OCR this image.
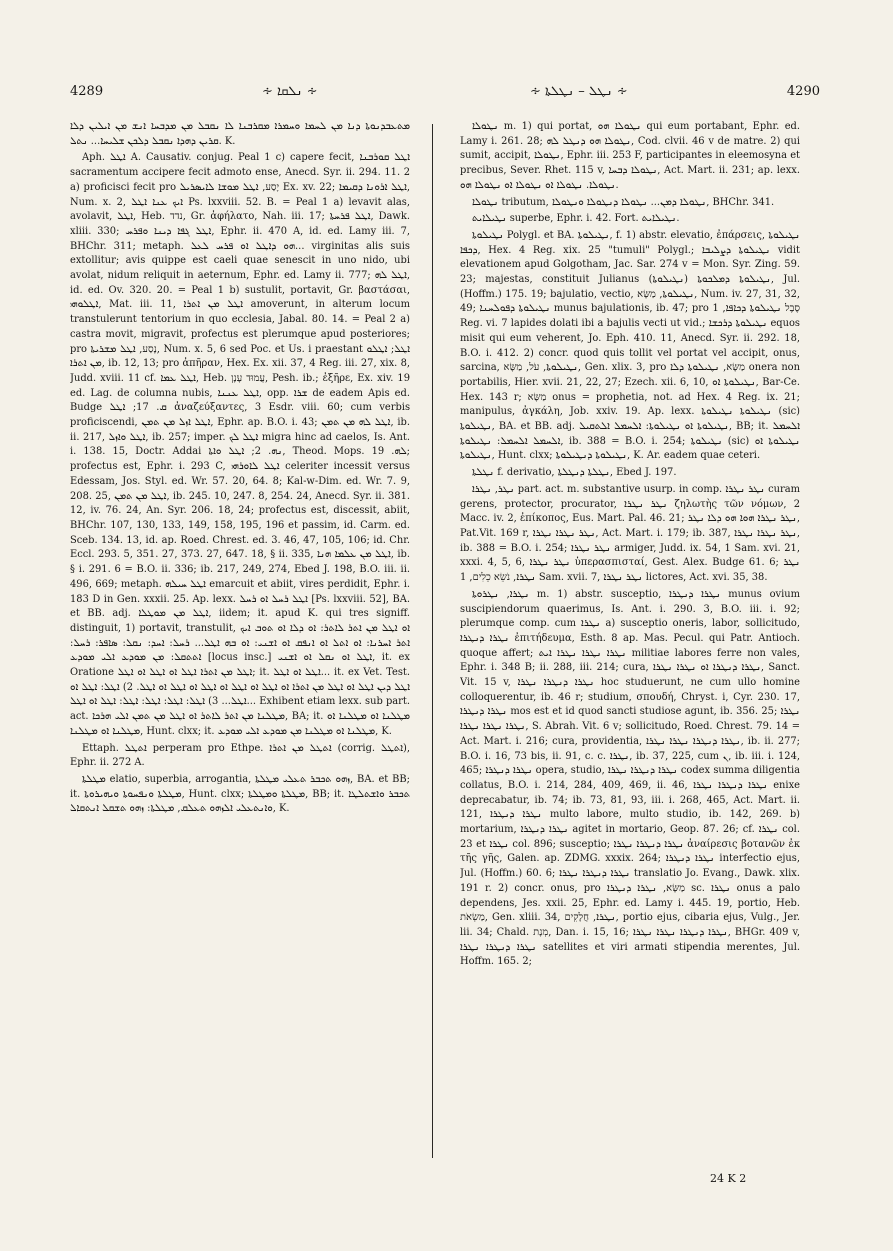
4289	∻ ܢܠܩܐ ∻	∻ ܢܛܠ – ܢܛܠܬܐ ∻	4290

ܡܬܥܒܕܢܘܬܐ ܕܢܐ ܡܢ ܠܚܡܐ ܘܚܡܪܐ ܡܩܪܒܢܐ ܠܐ ܢܩܒܠ ܡܢ ܡܕܒܚܐ ܐܢܫ ܡܢ ܐܝܠܝܢ ܕܠܐ ܩܪܝܢ ܕܗܕܐ ܢܩܒܠ ܕܠܟܢ ܫܠܝܚܐ... ܢܬܠ. K.

Aph. ܐܛܠ A. Causativ. conjug. Peal 1 c) capere fecit, ܐܛܠ ܩܘܪܒܢܐ sacramentum accipere fecit admoto ense, Anecd. Syr. ii. 294. 11. 2 a) proficisci fecit pro יָסַע, ܐܛܠ ܡܘܫܐ ܠܐܝܣܪܝܠ Ex. xv. 22; ܐܛܠ ܐܪܘܢܐ ܕܩܝܡܐ, Num. x. 2, ܐܝܟ ܥܢܐ ܐܛܠ Ps. lxxviii. 52. B. = Peal 1 a) levavit alas, avolavit, ܐܛܠ, Heb. נדד, Gr. ἀφήλατο, Nah. iii. 17; ܐܛܠ ܦܪܚܬܐ, Dawk. xliii. 330; ܐܛܠ ܓܦܐ ܕܝܢܐ ܘܦܪܚ, Ephr. ii. 470 A, id. ed. Lamy iii. 7, BHChr. 311; metaph. ܗܘ ܕܐܛܠ ܐܘ ܦܪܚ ܠܥܠ... virginitas alis suis extollitur; avis quippe est caeli quae senescit in uno nido, ubi avolat, nidum reliquit in aeternum, Ephr. ed. Lamy ii. 777; ܐܛܠ ܠܗ, id. ed. Ov. 320. 20. = Peal 1 b) sustulit, portavit, Gr. βαστάσαι, ܐܛܠܘܗܝ, Mat. iii. 11, ܐܛܠ ܡܢ ܐܬܪܐ amoverunt, in alterum locum transtulerunt tentorium in quo ecclesia, Jabal. 80. 14. = Peal 2 a) castra movit, migravit, profectus est plerumque apud posteriores; pro נָסַע, ܐܛܠ ܡܫܪܝܬܐ, Num. x. 5, 6 sed Poc. et Us. i praestant ܐܛܠ; ܐܛܠܘ ܡܢ ܐܬܪܐ, ib. 12, 13; pro ἀπῆραν, Hex. Ex. xii. 37, 4 Reg. iii. 27, xix. 8, Judd. xviii. 11 cf. ܐܛܠ ܥܡܐ, Heb. עֲמוּד עָנָן, Pesh. ib.; ἐξῆρε, Ex. xiv. 19 ed. Lag. de columna nubis, ܐܛܠ ܥܢܢܐ, opp. ܫܪܐ de eadem Apis ed. Budge ܩ. 17; ܐܛܠ ἀναζεύξαντες, 3 Esdr. viii. 60; cum verbis proficiscendi, ܐܛܠ ܐܙܠ ܡܢ ܬܡܢ, Ephr. ap. B.O. i. 43; ܐܛܠ ܠܗ ܡܢ ܬܡܢ, ib. ii. 217, ܐܛܠ ܘܐܙܠ, ib. 257; imper. ܐܛܠ ܠܟ migra hinc ad caelos, Is. Ant. i. 138. 15, Doctr. Addai ܢܗ. 2; ܐܛܠ ܘܐܬܐ, Theod. Mops. ܠܗ. 19; profectus est, Ephr. i. 293 C, ܐܛܠ ܠܐܘܪܗܝ celeriter incessit versus Edessam, Jos. Styl. ed. Wr. 57. 20, 64. 8; Kal-w-Dim. ed. Wr. 7. 9, 208. 25, ܐܛܠ ܡܢ ܬܡܢ, ib. 245. 10, 247. 8, 254. 24, Anecd. Syr. ii. 381. 12, iv. 76. 24, An. Syr. 206. 18, 24; profectus est, discessit, abiit, BHChr. 107, 130, 133, 149, 158, 195, 196 et passim, id. Carm. ed. Sceb. 134. 13, id. ap. Roed. Chrest. ed. 3. 46, 47, 105, 106; id. Chr. Eccl. 293. 5, 351. 27, 373. 27, 647. 18, § ii. 335, ܐܛܠ ܡܢ ܥܠܡܐ ܗܢܐ, ib. § i. 291. 6 = B.O. ii. 336; ib. 217, 249, 274, Ebed J. 198, B.O. iii. ii. 496, 669; metaph. ܐܛܠ ܚܝܠܗ emarcuit et abiit, vires perdidit, Ephr. i. 183 D in Gen. xxxii. 25. Ap. lexx. ܐܛܠ ܪܚܠ ܐܘ ܪܚܠ [Ps. lxxviii. 52], BA. et BB. adj. ܐܛܠ ܡܢ ܡܘܛܠܐ, iidem; it. apud K. qui tres signiff. distinguit, 1) portavit, transtulit, ܐܘ ܐܛܠ ܡܢ ܐܬܪ ܠܐܬܪ: ܐܘ ܕܠܐ ܐܘ ܬܘܒ ܐܝܟ ܐܬܪ ܐܚܪܢܐ: ܐܘ ܐܬܠ ܐܘ ܐܢܦܩ ܐܘ ܐܫܢܝ: ܐܘ ܒܗ ܐܛܠ... ܪܚܠ: ܐܚܕ: ܢܩܠ: ܣܐܦܪ: ܪܚܠ: ܐܬܬܩܠ: ܡܢ ܡܘܕܥ ܐܠܝ ܡܘܕܥ [locus insc.] ܐܛܠ ܐܘ ܢܩܠ ܐܘ ܐܫܢܝ, it. ex Oratione ܐܛܠ ܡܢ ܐܬܪܐ ܐܛܠ ܐܘ ܐܛܠ ܐܘ ܐܛܠ; it. ܐܛܠ ܐܘ ܐܛܠ... it. ex Vet. Test. ܐܛܠ ܕܝܢ ܐܛܠ ܐܘ ܐܛܠ ܡܢ ܐܬܪܐ ܐܘ ܐܛܠ ܐܘ ܐܛܠ ܐܘ ܐܛܠ ܐܘ ܐܛܠ ܐܘ ܐܛܠ. 2) ܐܛܠ: ܐܛܠ ܐܘ ܐܛܠ... 3) ܐܛܠ: ܐܛܠ: ܐܛܠ: ܐܛܠ: ܐܛܠ ܐܘ ܐܛܠ... Exhibent etiam lexx. sub part. act. ܡܛܠܢܐ ܡܢ ܐܬܪ ܠܐܬܪ ܐܘ ܐܛܠ ܡܢ ܬܡܢ ܐܠܝ ܗܪܟܐ, BA; it. ܡܛܠܢܐ ܐܘ ܡܛܠܢܐ ܐܘ ܡܛܠܢܐ ܐܘ ܡܛܠܢܐ, Hunt. clxx; it. ܡܛܠܢܐ ܐܘ ܡܛܠܢܐ ܡܢ ܡܘܕܥ ܐܠܝ ܡܘܕܥ, K.

Ettaph. ܐܬܛܠ perperam pro Ethpe. ܐܬܛܠ ܡܢ ܐܬܪܐ (corrig. ܐܬܛܠ), Ephr. ii. 272 A.

ܡܛܠܬܐ elatio, superbia, arrogantia, ܙܗܘ ܬܟܒܪ ܬܥܠܝ ܡܛܠܬܐ, BA. et BB; it. ܡܛܠܬܐ ܘܢܦܚܘܬܐ ܘܝܗܝܪܘܬܐ, Hunt. clxx; ܡܛܠܬܐ ܘܡܛܠܬܐ, BB; it. ܬܟܒܪ ܘܐܫܬܠܛܐ ܘܐܢܬܥܠܝ ܐܠܙܗܘ ܬܥܠܩ, ܡܛܠܬܐ: ܙܗܘ ܬܫܩܠ ܐܢܬܩܐܠ, K.

ܢܛܘܠܐ m. 1) qui portat, ܢܛܘܠܐ ܗܘ qui eum portabant, Ephr. ed. Lamy i. 261. 28; ܢܛܘܠܐ ܗܘ ܕܢܛܠ ܠܗ, Cod. clvii. 46 v de matre. 2) qui sumit, accipit, ܢܛܘܠܐ, Ephr. iii. 253 F, participantes in eleemosyna et precibus, Sever. Rhet. 115 v, ܢܛܘܠܐ ܕܒܚܐ, Act. Mart. ii. 231; ap. lexx. ܢܛܘܠܐ. ܢܛܘܠܐ ܐܘ ܢܛܘܠܐ ܐܘ ܢܛܘܠܐ ܗܘ.

ܢܛܘܠܐ tributum, ܢܛܘܠܐ ܕܡܢ... ܢܛܘܠܐ ܕܢܛܘܠܐ ܘܢܛܘܠܐ, BHChr. 341.

ܢܛܝܠܐܝܬ superbe, Ephr. i. 42. Fort. ܢܛܝܠܐܝܬ.

ܢܛܝܠܘܬܐ Polygl. et BA. ܢܛܝܠܘܬܐ, f. 1) abstr. elevatio, ἐπάρσεις, ܢܛܝܠܘܬܐ ܕܟܦܐ, Hex. 4 Reg. xix. 25 "tumuli" Polygl.; ܢܛܝܠܘܬܐ ܕܨܠܝܒܐ vidit elevationem apud Golgotham, Jac. Sar. 274 v = Mon. Syr. Zing. 59. 23; majestas, constituit Julianus (ܢܛܝܠܘܬܐ) ܢܛܝܠܘܬܐ ܕܡܠܟܘܬܐ, Jul. (Hoffm.) 175. 19; bajulatio, vectio, ܢܛܝܠܘܬܐ, מַשָּׂא, Num. iv. 27, 31, 32, 49; ܢܛܝܠܘܬܐ ܕܦܘܠܚܢܐ munus bajulationis, ib. 47; pro סֶבֶל ܢܛܝܠܘܬܐ ܕܟܐܦܐ, 1 Reg. vi. 7 lapides dolati ibi a bajulis vecti ut vid.; ܢܛܝܠܘܬܐ ܕܪܟܫܐ equos misit qui eum veherent, Jo. Eph. 410. 11, Anecd. Syr. ii. 292. 18, B.O. i. 412. 2) concr. quod quis tollit vel portat vel accipit, onus, sarcina, ܢܛܝܠܘܬܐ, עֹל, מַשָּׂא, Gen. xlix. 3, pro מַשָּׂא, ܢܛܝܠܘܬܐ ܕܠܐ onera non portabilis, Hier. xvii. 21, 22, 27; Ezech. xii. 6, 10, ܢܛܝܠܘܬܐ ܐܘ, Bar-Ce. Hex. 143 r; מַשָּׂא onus = prophetia, not. ad Hex. 4 Reg. ix. 21; manipulus, ἀγκάλη, Job. xxiv. 19. Ap. lexx. ܢܛܝܠܘܬܐ ܢܛܝܠܘܬܐ (sic) ܢܛܝܠܘܬܐ, BA. et BB. adj. ܢܛܝܠܘܬܐ ܐܘ ܢܛܝܠܘܬܐ: ܐܠܚܡܠ ܐܠܬܩܝܠ, BB; it. ܐܠܚܡܠ ܐܠܚܡܠ ܐܠܚܡܠ: ܢܛܝܠܘܬܐ, ib. 388 = B.O. i. 254; ܢܛܝܠܘܬܐ (sic) ܢܛܝܠܘܬܐ ܐܘ ܢܛܝܠܘܬܐ, Hunt. clxx; ܢܛܝܠܘܬܐ ܕܢܛܝܠܘܬܐ, K. Ar. eadem quae ceteri.

ܢܛܠܬܐ f. derivatio, ܢܛܠܬܐ ܕܢܛܠܬܐ, Ebed J. 197.

ܢܛܪ, ܢܛܪܐ part. act. m. substantive usurp. in comp. ܢܛܪ ܢܛܪܐ curam gerens, protector, procurator, ܢܛܪ ܢܛܪܐ ζηλωτὴς τῶν νόμων, 2 Macc. iv. 2, ἐπίκοπος, Eus. Mart. Pal. 46. 21; ܢܛܪ ܢܛܪܐ ܗܘܐ ܗܘ ܕܠܐ ܢܛܪ, Pat.Vit. 169 r, ܢܛܪ ܢܛܪܐ ܢܛܪܐ, Act. Mart. i. 179; ib. 387, ܢܛܪ ܢܛܪܐ ܢܛܪܐ, ib. 388 = B.O. i. 254; ܢܛܪ ܢܛܪܐ armiger, Judd. ix. 54, 1 Sam. xvi. 21, xxxi. 4, 5, 6, ܢܛܪ ܢܛܪܐ ὑπερασπισταί, Gest. Alex. Budge 61. 6; ܢܛܪ ܢܛܪܐ, נֹשֵׂא כֵלִים, 1 Sam. xvii. 7, ܢܛܪ ܢܛܪܐ lictores, Act. xvi. 35, 38.

ܢܛܪܐ, ܢܛܪܘܬܐ m. 1) abstr. susceptio, ܢܛܪܐ ܕܢܛܪܐ munus ovium suscipiendorum quaerimus, Is. Ant. i. 290. 3, B.O. iii. i. 92; plerumque comp. cum ܢܛܪܐ a) susceptio oneris, labor, sollicitudo, ܢܛܪܐ ܕܢܛܪܐ ἐπιτήδευμα, Esth. 8 ap. Mas. Pecul. qui Patr. Antioch. quoque affert; ܢܛܪܐ ܢܛܪܐ ܢܛܪܐ ܐܝܬ militiae labores ferre non vales, Ephr. i. 348 B; ii. 288, iii. 214; cura, ܢܛܪܐ ܕܢܛܪܐ ܐܘ ܢܛܪܐ ܢܛܪܐ, Sanct. Vit. 15 v, ܢܛܪܐ ܕܢܛܪܐ ܢܛܪܐ hoc studuerunt, ne cum ullo homine colloquerentur, ib. 46 r; studium, σπουδή, Chryst. i, Cyr. 230. 17, ܢܛܪܐ ܕܢܛܪܐ mos est et id quod sancti studiose agunt, ib. 356. 25; ܢܛܪܐ ܢܛܪܐ ܢܛܪܐ ܢܛܪܐ, S. Abrah. Vit. 6 v; sollicitudo, Roed. Chrest. 79. 14 = Act. Mart. i. 216; cura, providentia, ܢܛܪܐ ܕܢܛܪܐ ܢܛܪܐ ܢܛܪܐ, ib. ii. 277; B.O. i. 16, 73 bis, ii. 91, c. c. ܢܛܪܐ, ib. 37, 225, cum ܢ, ib. iii. i. 124, 465; ܢܛܪܐ ܕܢܛܪܐ opera, studio, ܢܛܪܐ ܕܢܛܪܐ ܢܛܪܐ codex summa diligentia collatus, B.O. i. 214, 284, 409, 469, ii. 46, ܢܛܪܐ ܕܢܛܪܐ ܢܛܪܐ enixe deprecabatur, ib. 74; ib. 73, 81, 93, iii. i. 268, 465, Act. Mart. ii. 121, ܢܛܪܐ ܕܢܛܪܐ multo labore, multo studio, ib. 142, 269. b) mortarium, ܢܛܪܐ ܕܢܛܪܐ agitet in mortario, Geop. 87. 26; cf. ܢܛܪܐ col. 23 et ܢܛܪܐ col. 896; susceptio; ܢܛܪܐ ܕܢܛܪܐ ܢܛܪܐ ἀναίρεσις βοτανῶν ἐκ τῆς γῆς, Galen. ap. ZDMG. xxxix. 264; ܢܛܪܐ ܕܢܛܪܐ interfectio ejus, Jul. (Hoffm.) 60. 6; ܢܛܪܐ ܕܢܛܪܐ ܢܛܪܐ translatio Jo. Evang., Dawk. xlix. 191 r. 2) concr. onus, pro מַשָּׂא, ܢܛܪܐ ܕܢܛܪܐ sc. ܢܛܪܐ onus a palo dependens, Jes. xxii. 25, Ephr. ed. Lamy i. 445. 19, portio, Heb. מַשְׂאֹת, Gen. xliii. 34, ܢܛܪܐ, חֲלָקִים, portio ejus, cibaria ejus, Vulg., Jer. lii. 34; Chald. מְנָת, Dan. i. 15, 16; ܢܛܪܐ ܕܢܛܪܐ ܢܛܪܐ ܢܛܪܐ, BHGr. 409 v, ܢܛܪܐ ܕܢܛܪܐ ܢܛܪܐ satellites et viri armati stipendia merentes, Jul. Hoffm. 165. 2;

24 K 2
